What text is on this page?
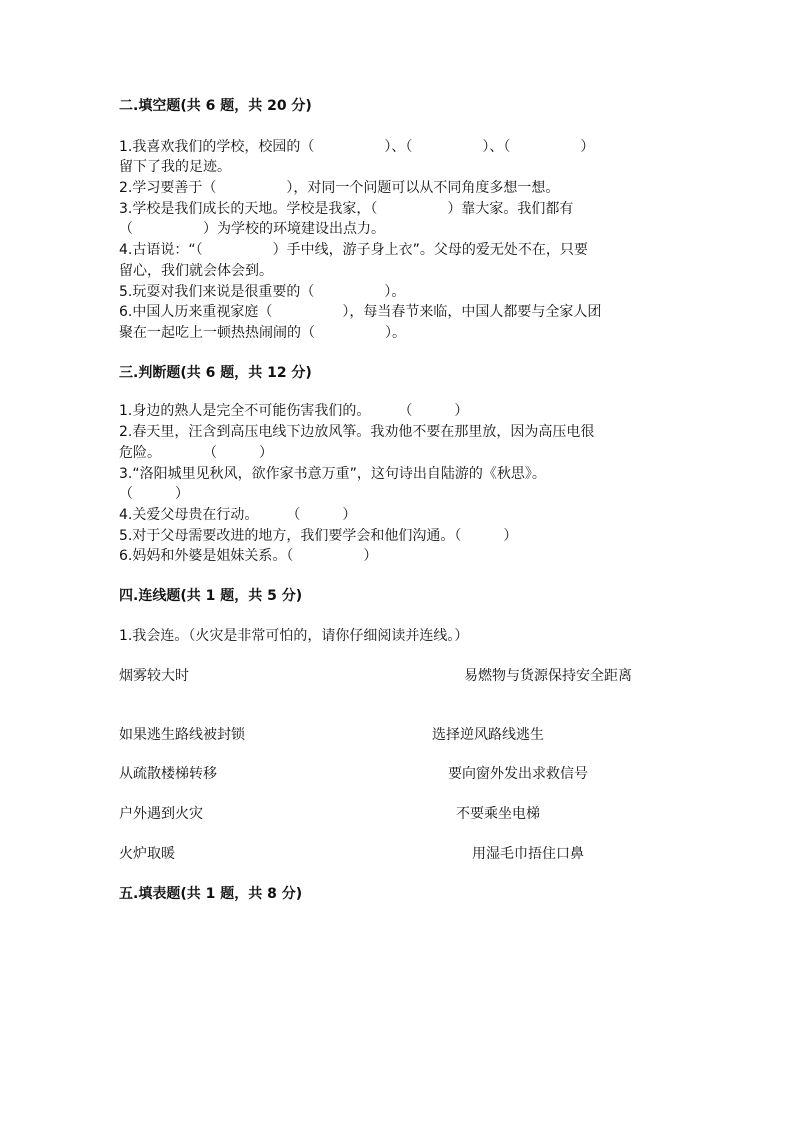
二.填空题(共 6 题，共 20 分)
1.我喜欢我们的学校，校园的（　　　　　）、（　　　　　）、（　　　　　）
留下了我的足迹。
2.学习要善于（　　　　　），对同一个问题可以从不同角度多想一想。
3.学校是我们成长的天地。学校是我家，（　　　　　）靠大家。我们都有
（　　　　　）为学校的环境建设出点力。
4.古语说：“（　　　　　）手中线，游子身上衣”。父母的爱无处不在，只要
留心，我们就会体会到。
5.玩耍对我们来说是很重要的（　　　　　）。
6.中国人历来重视家庭（　　　　　），每当春节来临，中国人都要与全家人团
聚在一起吃上一顿热热闹闹的（　　　　　）。
三.判断题(共 6 题，共 12 分)
1.身边的熟人是完全不可能伤害我们的。　　　（　　　）
2.春天里，汪含到高压电线下边放风筝。我劝他不要在那里放，因为高压电很
危险。　　　　（　　　）
3.“洛阳城里见秋风，欲作家书意万重”，这句诗出自陆游的《秋思》。
（　　　）
4.关爱父母贵在行动。　　　（　　　）
5.对于父母需要改进的地方，我们要学会和他们沟通。（　　　）
6.妈妈和外婆是姐妹关系。（　　　　　）
四.连线题(共 1 题，共 5 分)
1.我会连。（火灾是非常可怕的，请你仔细阅读并连线。）
烟雾较大时	易燃物与货源保持安全距离
如果逃生路线被封锁	选择逆风路线逃生
从疏散楼梯转移	要向窗外发出求救信号
户外遇到火灾	不要乘坐电梯
火炉取暖	用湿毛巾捂住口鼻
五.填表题(共 1 题，共 8 分)
